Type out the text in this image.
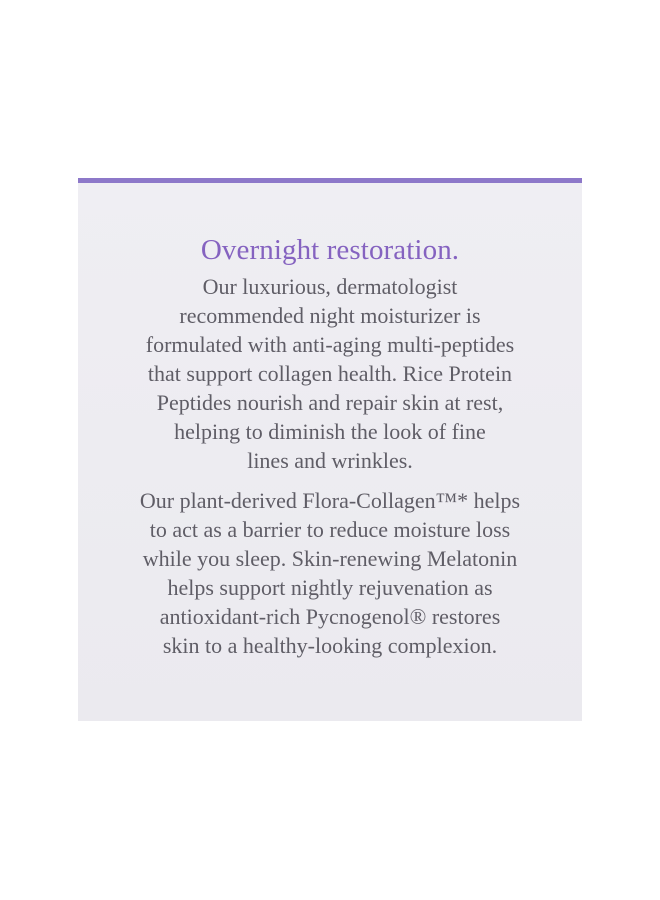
Overnight restoration.

Our luxurious, dermatologist
recommended night moisturizer is
formulated with anti-aging multi-peptides
that support collagen health. Rice Protein
Peptides nourish and repair skin at rest,
helping to diminish the look of fine
lines and wrinkles.

Our plant-derived Flora-Collagen™* helps
to act as a barrier to reduce moisture loss
while you sleep. Skin-renewing Melatonin
helps support nightly rejuvenation as
antioxidant-rich Pycnogenol® restores
skin to a healthy-looking complexion.
